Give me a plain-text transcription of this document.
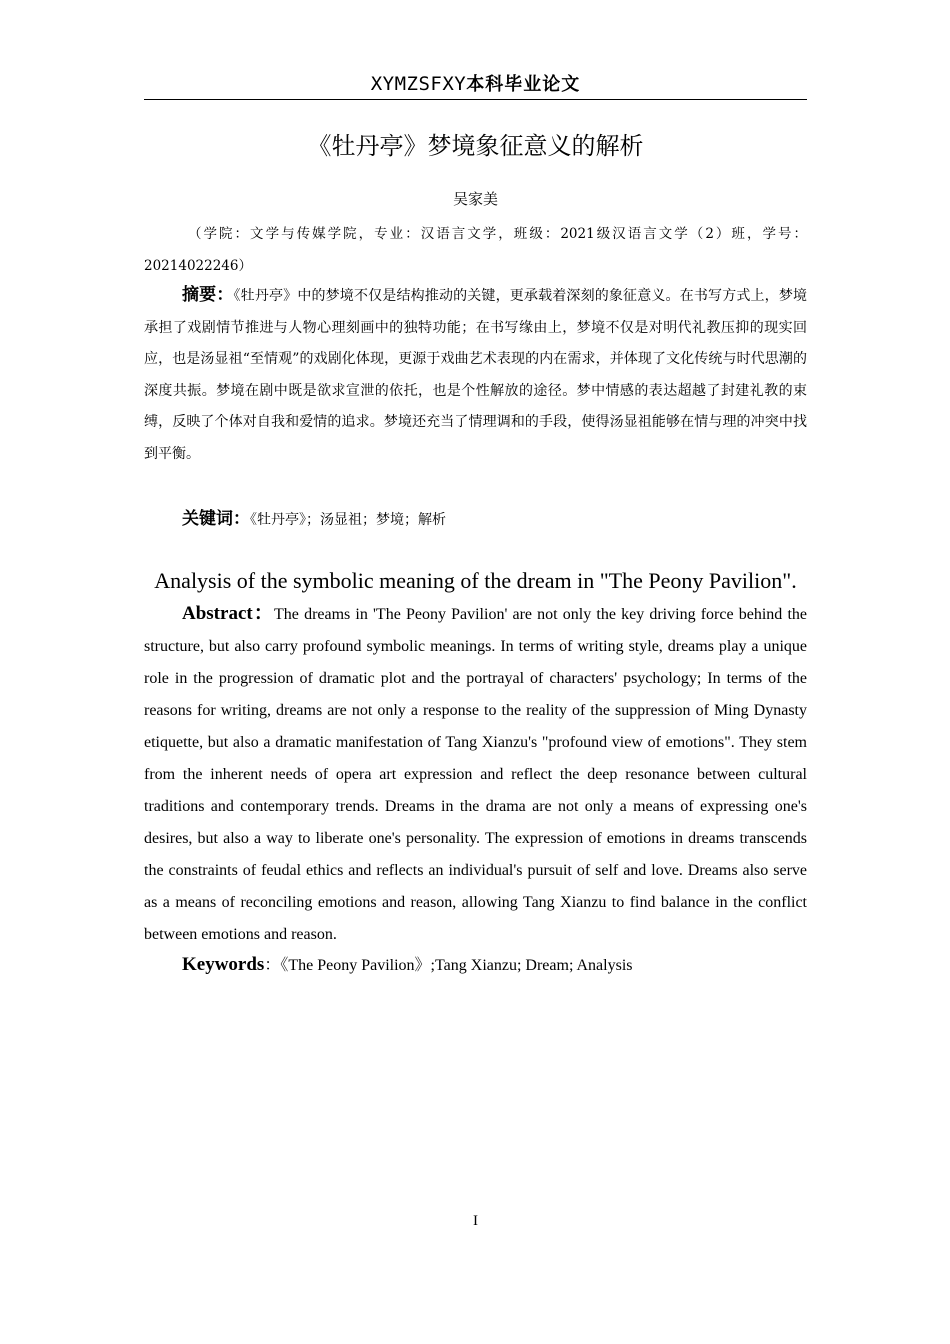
XYMZSFXY本科毕业论文
《牡丹亭》梦境象征意义的解析
吴家美
（学院：文学与传媒学院，专业：汉语言文学，班级：2021级汉语言文学（2）班，学号：20214022246）
摘要：《牡丹亭》中的梦境不仅是结构推动的关键，更承载着深刻的象征意义。在书写方式上，梦境承担了戏剧情节推进与人物心理刻画中的独特功能；在书写缘由上，梦境不仅是对明代礼教压抑的现实回应，也是汤显祖“至情观”的戏剧化体现，更源于戏曲艺术表现的内在需求，并体现了文化传统与时代思潮的深度共振。梦境在剧中既是欲求宣泄的依托，也是个性解放的途径。梦中情感的表达超越了封建礼教的束缚，反映了个体对自我和爱情的追求。梦境还充当了情理调和的手段，使得汤显祖能够在情与理的冲突中找到平衡。
关键词：《牡丹亭》；汤显祖；梦境；解析
Analysis of the symbolic meaning of the dream in "The Peony Pavilion".
Abstract：The dreams in 'The Peony Pavilion' are not only the key driving force behind the structure, but also carry profound symbolic meanings. In terms of writing style, dreams play a unique role in the progression of dramatic plot and the portrayal of characters' psychology; In terms of the reasons for writing, dreams are not only a response to the reality of the suppression of Ming Dynasty etiquette, but also a dramatic manifestation of Tang Xianzu's "profound view of emotions". They stem from the inherent needs of opera art expression and reflect the deep resonance between cultural traditions and contemporary trends. Dreams in the drama are not only a means of expressing one's desires, but also a way to liberate one's personality. The expression of emotions in dreams transcends the constraints of feudal ethics and reflects an individual's pursuit of self and love. Dreams also serve as a means of reconciling emotions and reason, allowing Tang Xianzu to find balance in the conflict between emotions and reason.
Keywords：《The Peony Pavilion》;Tang Xianzu; Dream; Analysis
I
